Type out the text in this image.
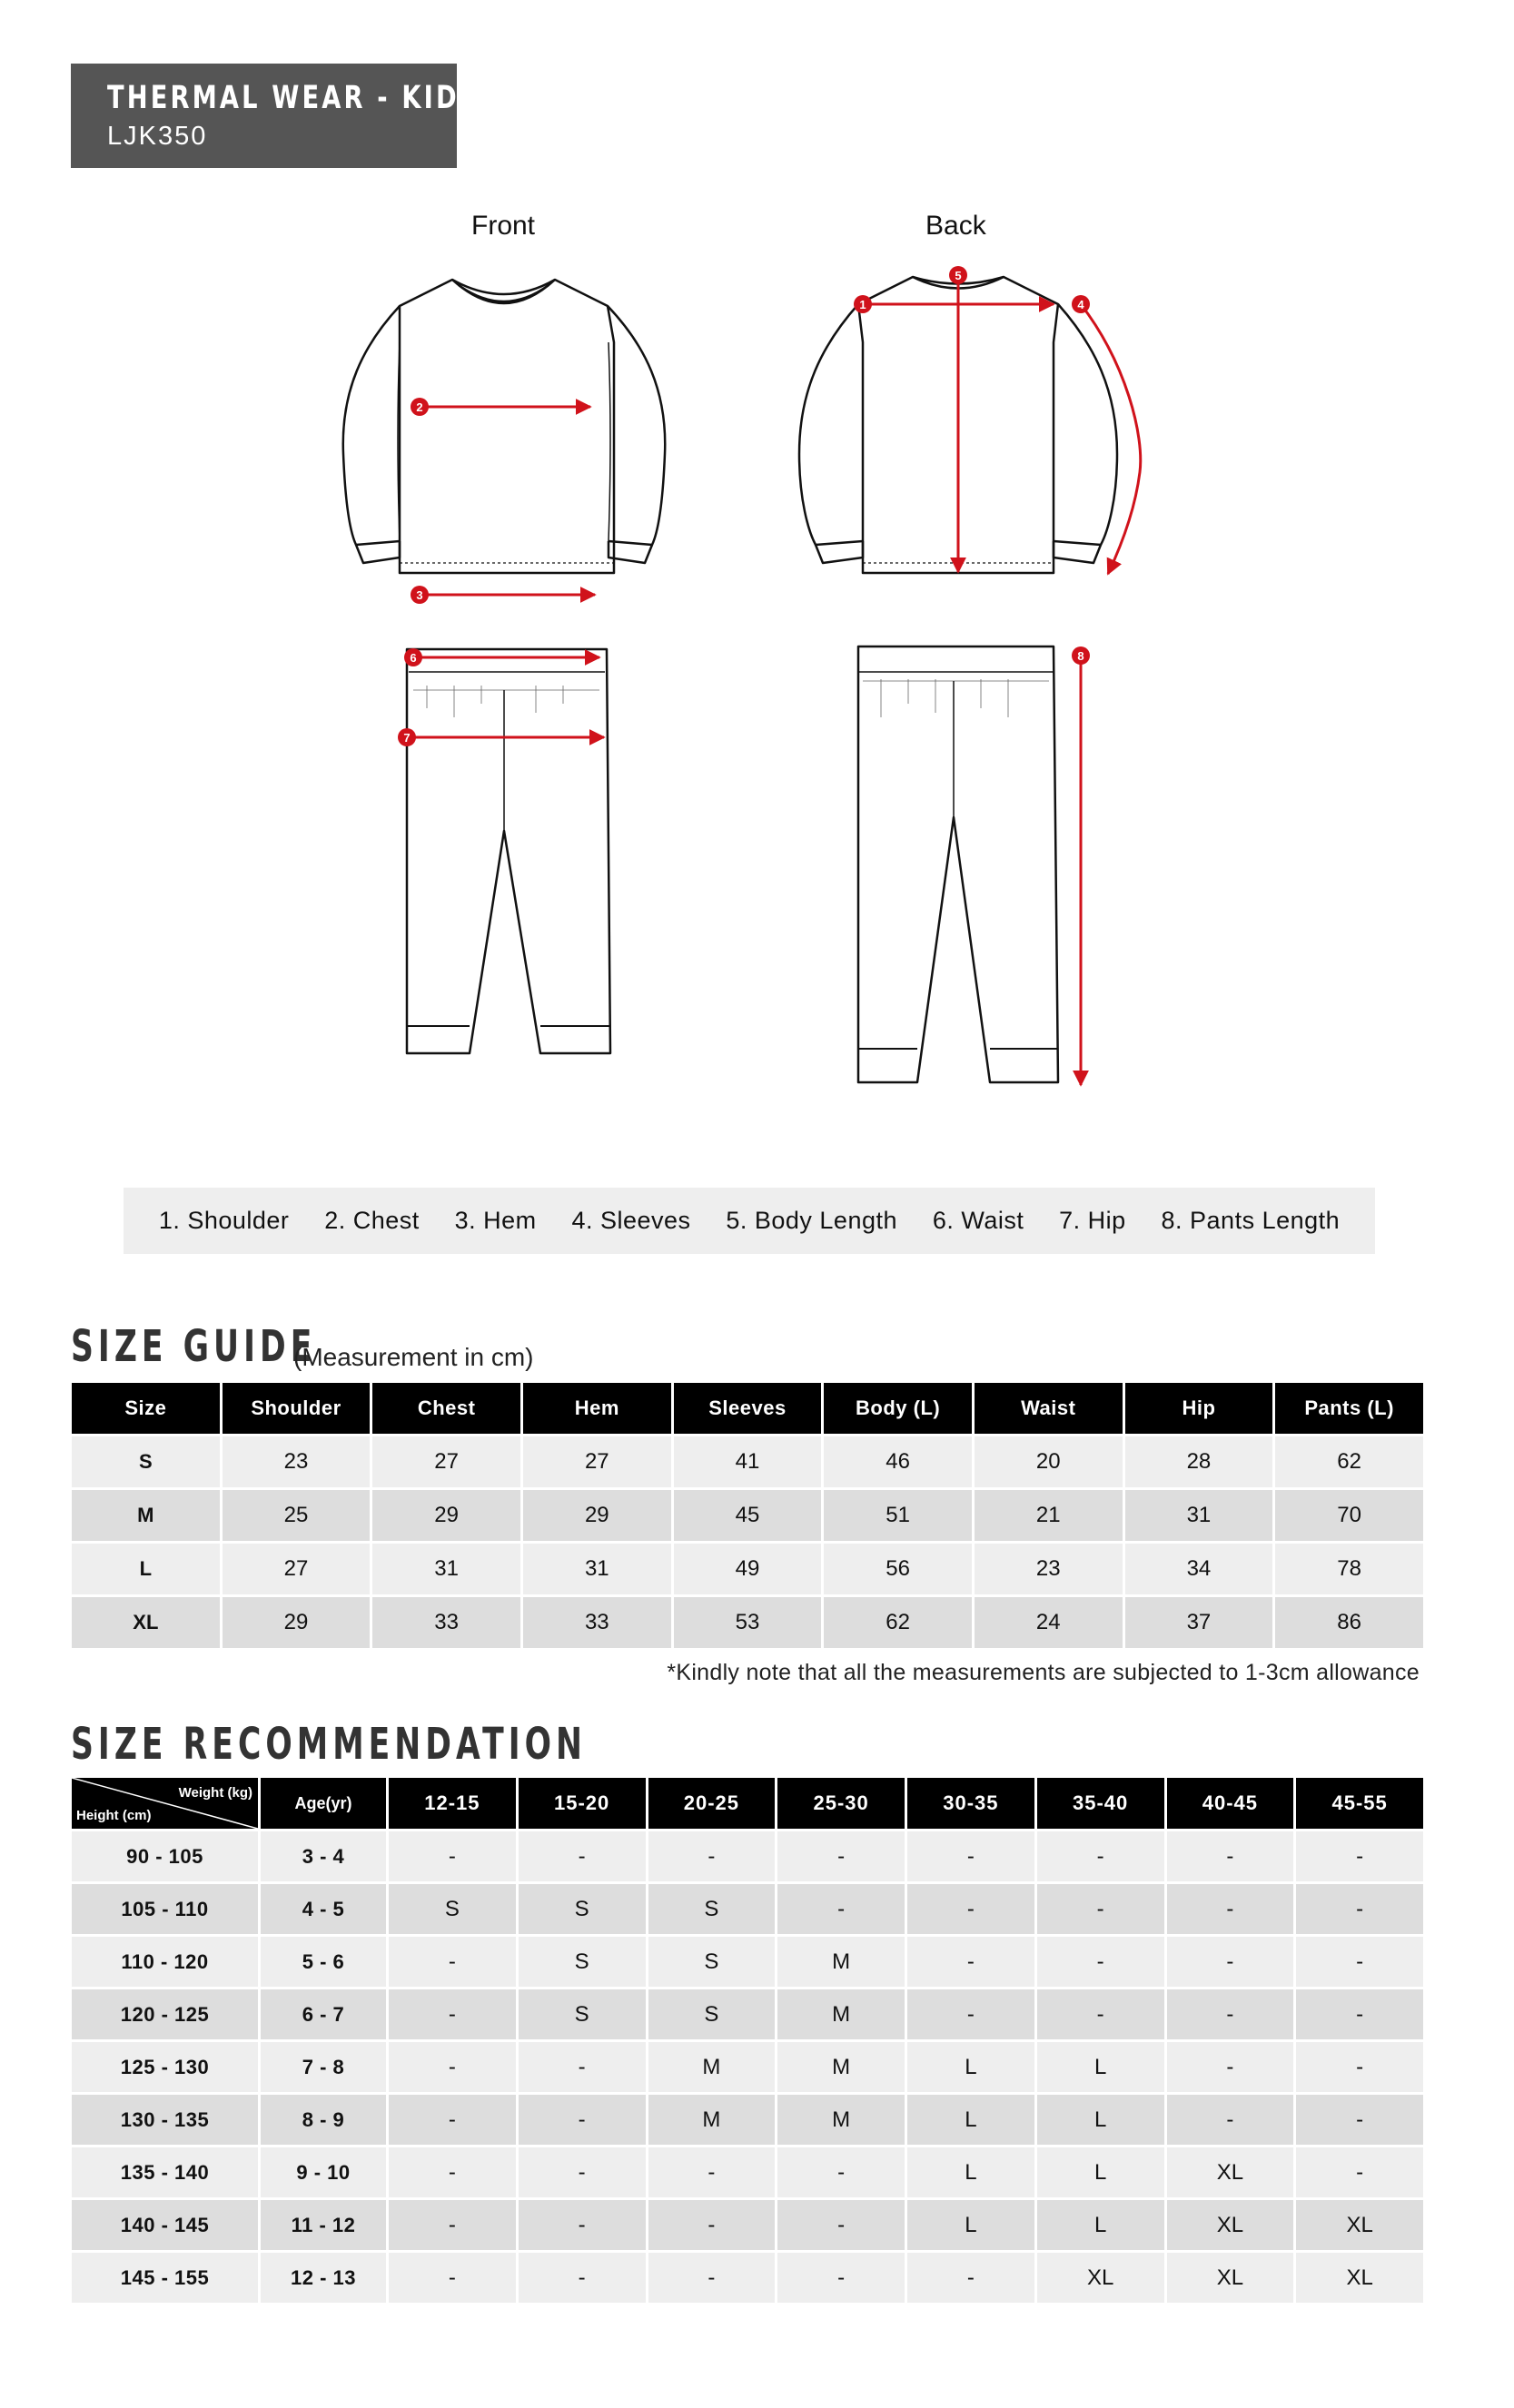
THERMAL WEAR - KIDS
LJK350
Front	Back
2
3
1
5
4
6
7
8
1. Shoulder 2. Chest 3. Hem 4. Sleeves 5. Body Length 6. Waist 7. Hip 8. Pants Length
SIZE GUIDE
(Measurement in cm)
Size	Shoulder	Chest	Hem	Sleeves	Body (L)	Waist	Hip	Pants (L)
S	23	27	27	41	46	20	28	62
M	25	29	29	45	51	21	31	70
L	27	31	31	49	56	23	34	78
XL	29	33	33	53	62	24	37	86
*Kindly note that all the measurements are subjected to 1-3cm allowance
SIZE RECOMMENDATION
Weight (kg)
Height (cm)	Age(yr)	12-15	15-20	20-25	25-30	30-35	35-40	40-45	45-55
90 - 105	3 - 4	-	-	-	-	-	-	-	-
105 - 110	4 - 5	S	S	S	-	-	-	-	-
110 - 120	5 - 6	-	S	S	M	-	-	-	-
120 - 125	6 - 7	-	S	S	M	-	-	-	-
125 - 130	7 - 8	-	-	M	M	L	L	-	-
130 - 135	8 - 9	-	-	M	M	L	L	-	-
135 - 140	9 - 10	-	-	-	-	L	L	XL	-
140 - 145	11 - 12	-	-	-	-	L	L	XL	XL
145 - 155	12 - 13	-	-	-	-	-	XL	XL	XL
